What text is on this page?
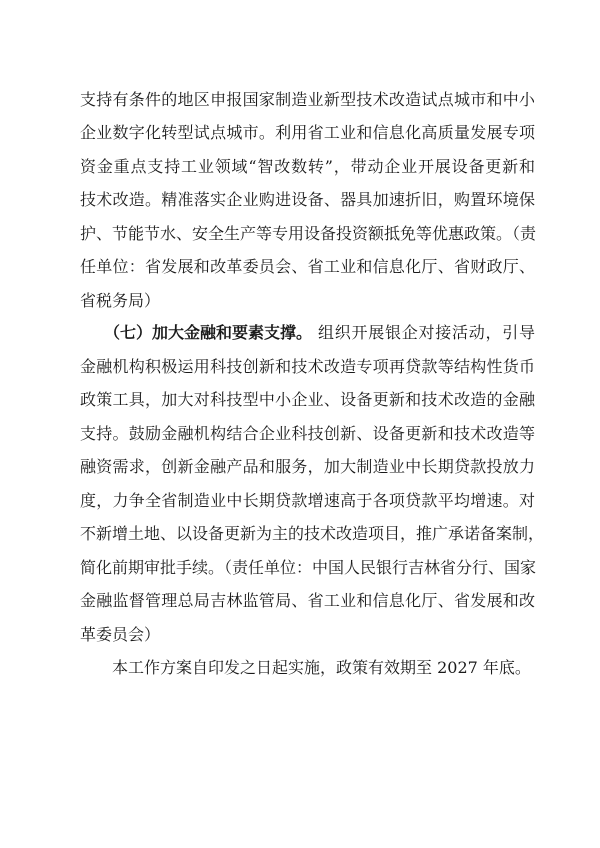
支持有条件的地区申报国家制造业新型技术改造试点城市和中小
企业数字化转型试点城市。利用省工业和信息化高质量发展专项
资金重点支持工业领域“智改数转”，带动企业开展设备更新和
技术改造。精准落实企业购进设备、器具加速折旧，购置环境保
护、节能节水、安全生产等专用设备投资额抵免等优惠政策。（责
任单位：省发展和改革委员会、省工业和信息化厅、省财政厅、
省税务局）
（七）加大金融和要素支撑。 组织开展银企对接活动，引导
金融机构积极运用科技创新和技术改造专项再贷款等结构性货币
政策工具，加大对科技型中小企业、设备更新和技术改造的金融
支持。鼓励金融机构结合企业科技创新、设备更新和技术改造等
融资需求，创新金融产品和服务，加大制造业中长期贷款投放力
度，力争全省制造业中长期贷款增速高于各项贷款平均增速。对
不新增土地、以设备更新为主的技术改造项目，推广承诺备案制，
简化前期审批手续。（责任单位：中国人民银行吉林省分行、国家
金融监督管理总局吉林监管局、省工业和信息化厅、省发展和改
革委员会）
本工作方案自印发之日起实施，政策有效期至 2027 年底。
